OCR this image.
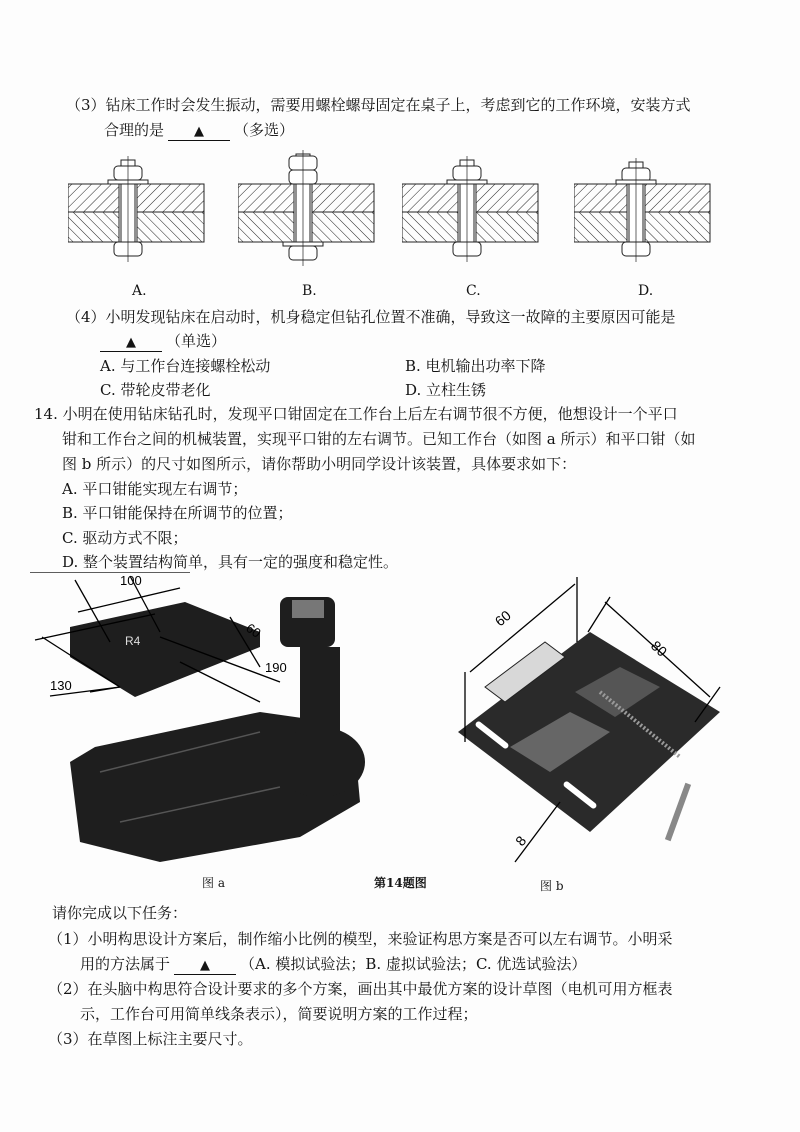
（3）钻床工作时会发生振动，需要用螺栓螺母固定在桌子上，考虑到它的工作环境，安装方式
合理的是 ▲ （多选）
A.	B.	C.	D.
（4）小明发现钻床在启动时，机身稳定但钻孔位置不准确，导致这一故障的主要原因可能是
▲ （单选）
A. 与工作台连接螺栓松动	B. 电机输出功率下降
C. 带轮皮带老化	D. 立柱生锈
14. 小明在使用钻床钻孔时，发现平口钳固定在工作台上后左右调节很不方便，他想设计一个平口
钳和工作台之间的机械装置，实现平口钳的左右调节。已知工作台（如图 a 所示）和平口钳（如
图 b 所示）的尺寸如图所示，请你帮助小明同学设计该装置，具体要求如下：
A. 平口钳能实现左右调节；
B. 平口钳能保持在所调节的位置；
C. 驱动方式不限；
D. 整个装置结构简单，具有一定的强度和稳定性。
100
60
R4
190
130
60
80
8
图 a	第14题图	图 b
请你完成以下任务：
（1）小明构思设计方案后，制作缩小比例的模型，来验证构思方案是否可以左右调节。小明采
用的方法属于 ▲ （A. 模拟试验法；B. 虚拟试验法；C. 优选试验法）
（2）在头脑中构思符合设计要求的多个方案，画出其中最优方案的设计草图（电机可用方框表
示，工作台可用简单线条表示），简要说明方案的工作过程；
（3）在草图上标注主要尺寸。
